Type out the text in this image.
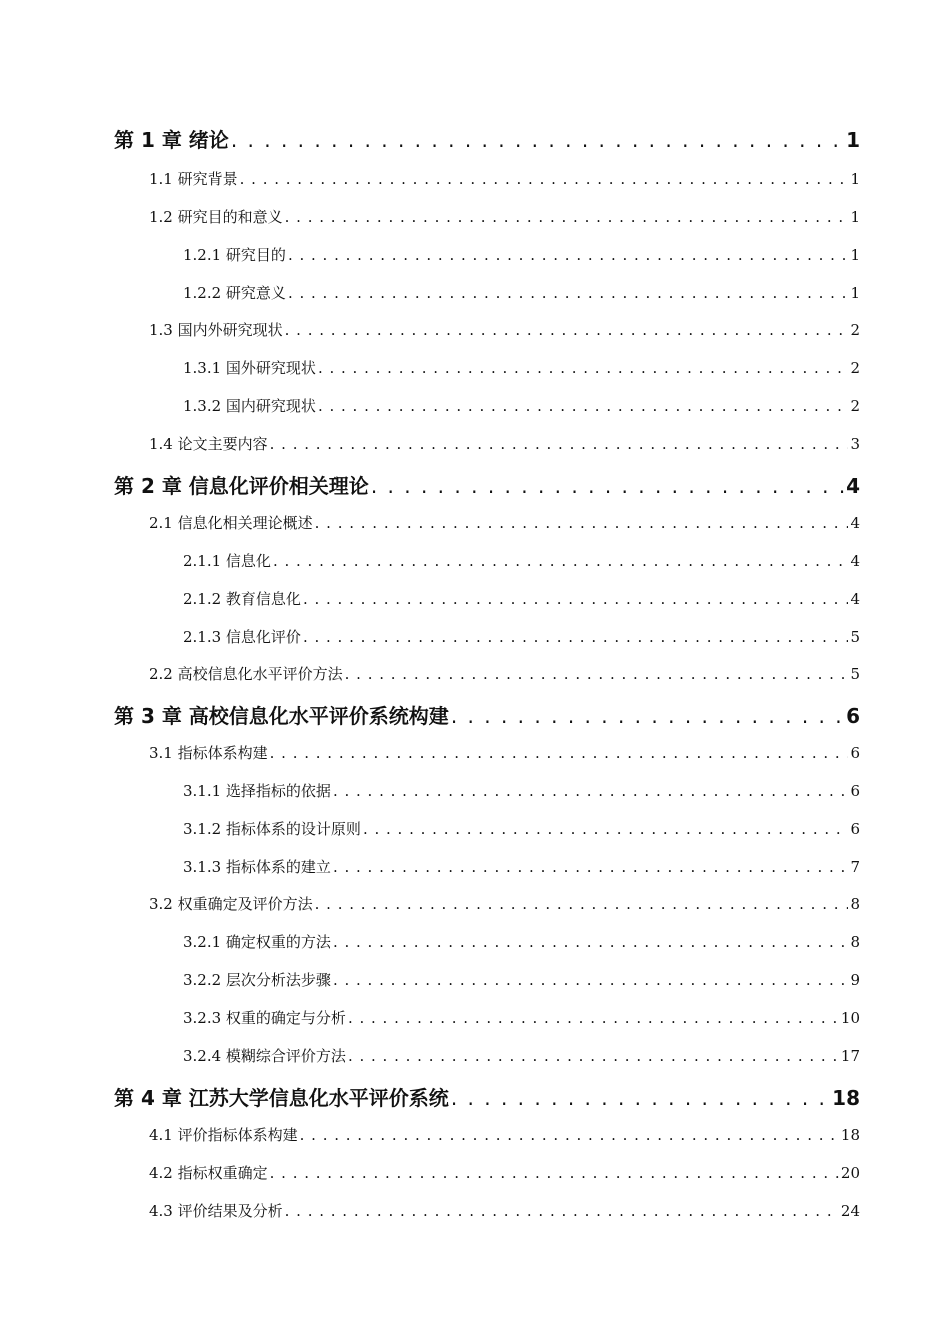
第 1 章 绪论 . . .	1
1.1 研究背景 . . .	1
1.2 研究目的和意义 . . .	1
1.2.1 研究目的 . . .	1
1.2.2 研究意义 . . .	1
1.3 国内外研究现状 . . .	2
1.3.1 国外研究现状 . . .	2
1.3.2 国内研究现状 . . .	2
1.4 论文主要内容 . . .	3
第 2 章 信息化评价相关理论 . . .	4
2.1 信息化相关理论概述 . . .	4
2.1.1 信息化 . . .	4
2.1.2 教育信息化 . . .	4
2.1.3 信息化评价 . . .	5
2.2 高校信息化水平评价方法 . . .	5
第 3 章 高校信息化水平评价系统构建 . . .	6
3.1 指标体系构建 . . .	6
3.1.1 选择指标的依据 . . .	6
3.1.2 指标体系的设计原则 . . .	6
3.1.3 指标体系的建立 . . .	7
3.2 权重确定及评价方法 . . .	8
3.2.1 确定权重的方法 . . .	8
3.2.2 层次分析法步骤 . . .	9
3.2.3 权重的确定与分析 . . .	10
3.2.4 模糊综合评价方法 . . .	17
第 4 章 江苏大学信息化水平评价系统 . . .	18
4.1 评价指标体系构建 . . .	18
4.2 指标权重确定 . . .	20
4.3 评价结果及分析 . . .	24
